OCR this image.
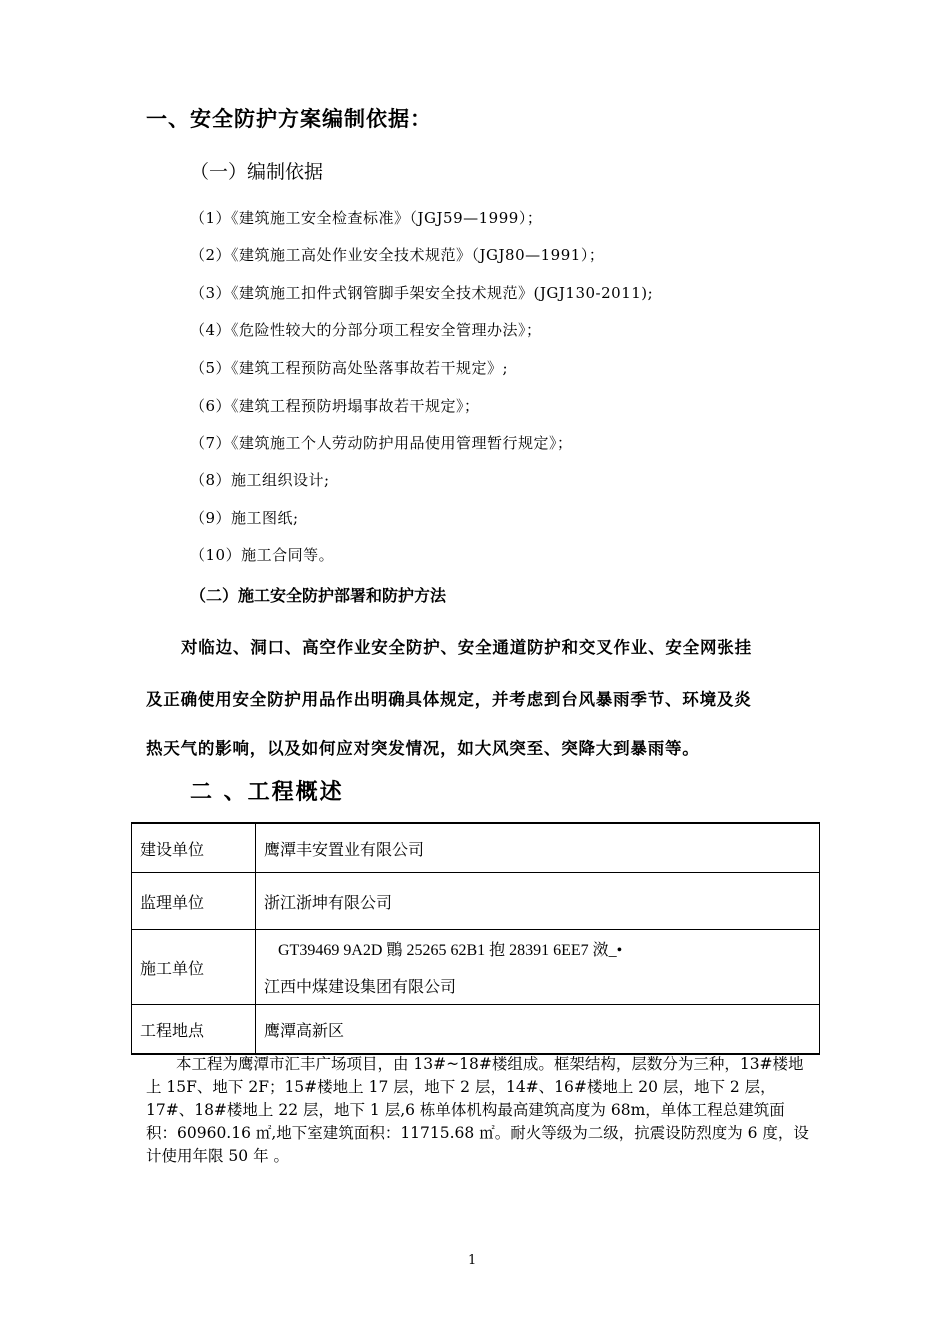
一、安全防护方案编制依据：
（一）编制依据
（1）《建筑施工安全检查标准》（JGJ59—1999）；
（2）《建筑施工高处作业安全技术规范》（JGJ80—1991）；
（3）《建筑施工扣件式钢管脚手架安全技术规范》(JGJ130-2011);
（4）《危险性较大的分部分项工程安全管理办法》；
（5）《建筑工程预防高处坠落事故若干规定》;
（6）《建筑工程预防坍塌事故若干规定》；
（7）《建筑施工个人劳动防护用品使用管理暂行规定》；
（8）施工组织设计;
（9）施工图纸;
（10）施工合同等。
（二）施工安全防护部署和防护方法
对临边、洞口、高空作业安全防护、安全通道防护和交叉作业、安全网张挂
及正确使用安全防护用品作出明确具体规定，并考虑到台风暴雨季节、环境及炎
热天气的影响，以及如何应对突发情况，如大风突至、突降大到暴雨等。
二 、工程概述
建设单位	鹰潭丰安置业有限公司
监理单位	浙江浙坤有限公司
施工单位	GT39469 9A2D 鷶 25265 62B1 抱 28391 6EE7 滧_•
江西中煤建设集团有限公司
工程地点	鹰潭高新区
本工程为鹰潭市汇丰广场项目，由 13#~18#楼组成。框架结构，层数分为三种，13#楼地上 15F、地下 2F；15#楼地上 17 层，地下 2 层，14#、16#楼地上 20 层，地下 2 层，17#、18#楼地上 22 层，地下 1 层,6 栋单体机构最高建筑高度为 68m，单体工程总建筑面积：60960.16 ㎡,地下室建筑面积：11715.68 ㎡。耐火等级为二级，抗震设防烈度为 6 度，设计使用年限 50 年 。
1
